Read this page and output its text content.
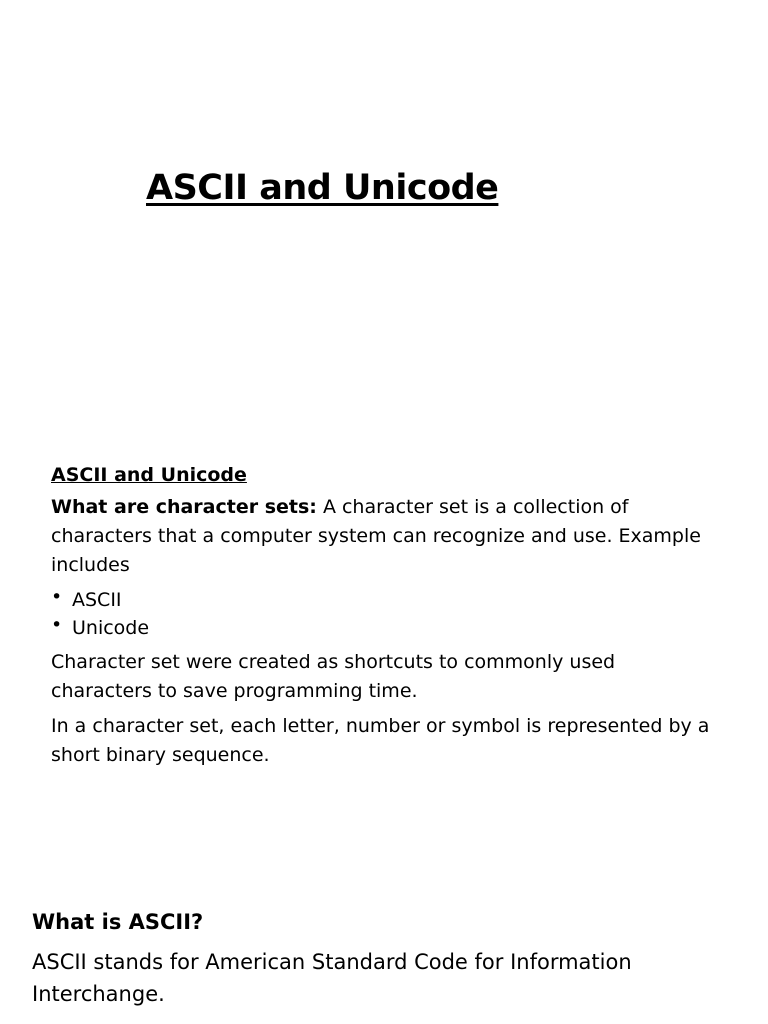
ASCII and Unicode
ASCII and Unicode

What are character sets: A character set is a collection of characters that a computer system can recognize and use. Example includes

• ASCII
• Unicode

Character set were created as shortcuts to commonly used characters to save programming time.

In a character set, each letter, number or symbol is represented by a short binary sequence.

What is ASCII?

ASCII stands for American Standard Code for Information Interchange.
